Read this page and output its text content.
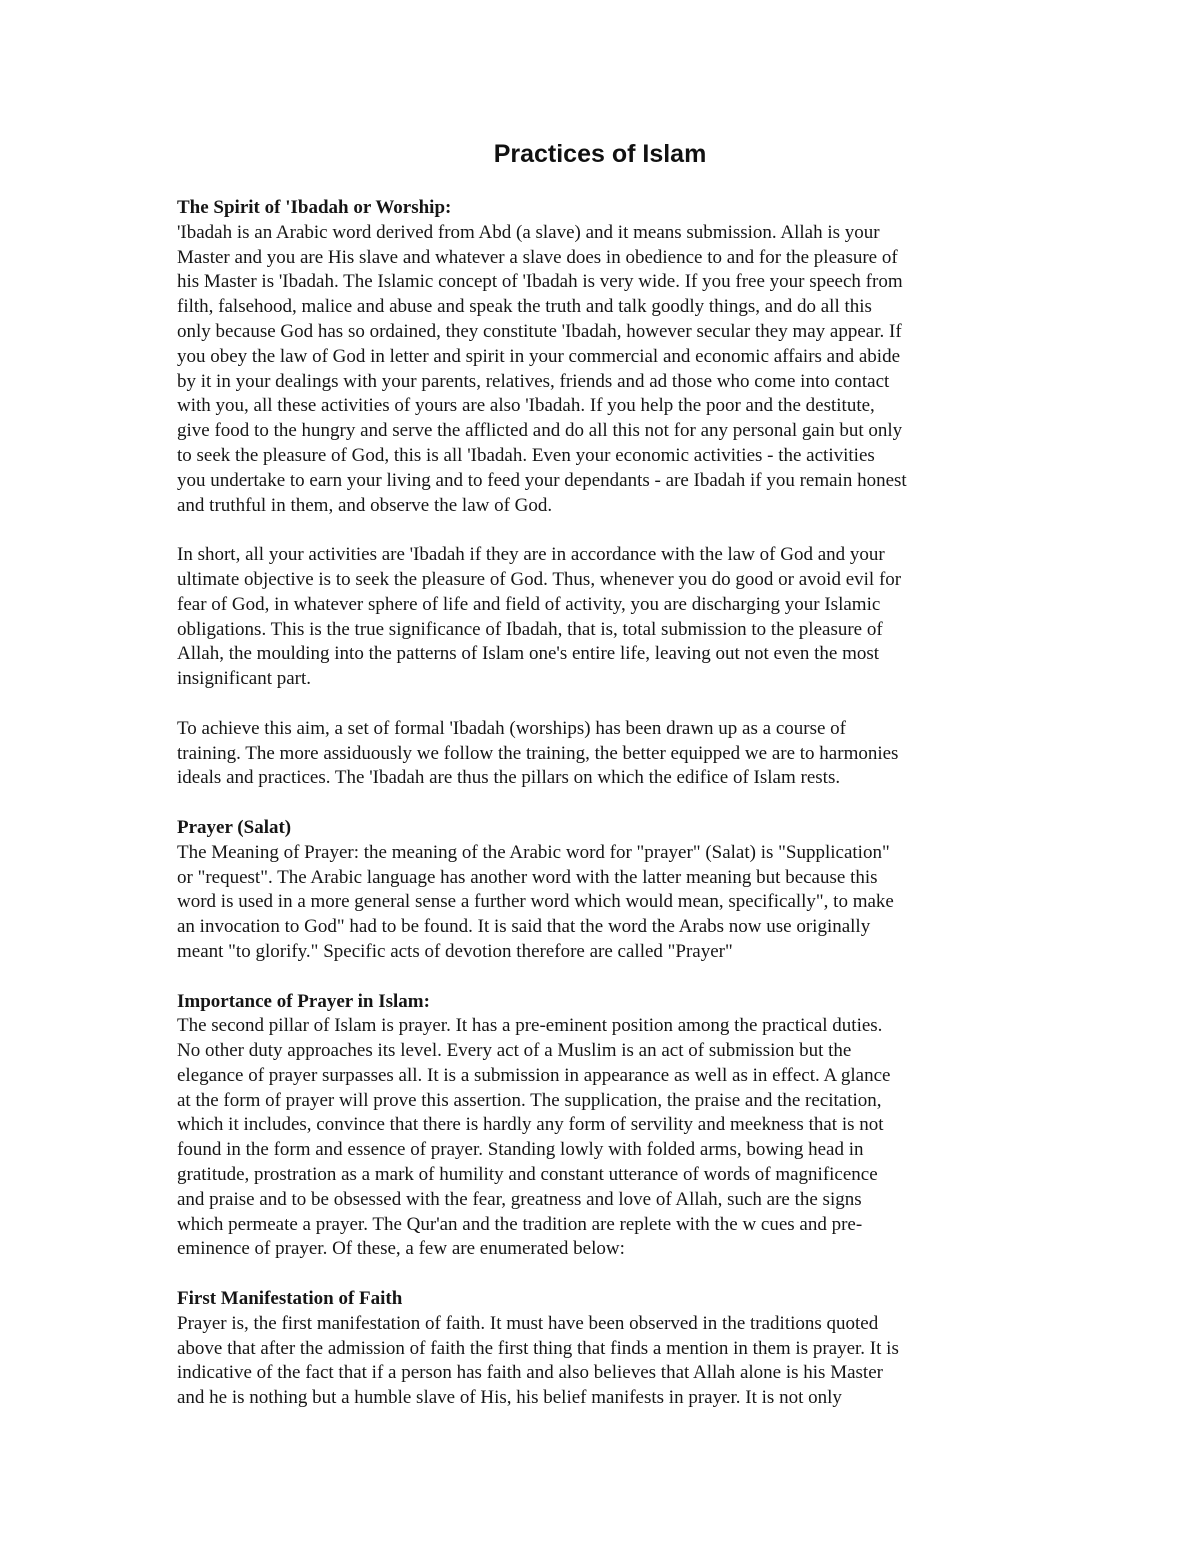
Practices of Islam

The Spirit of 'Ibadah or Worship:
'Ibadah is an Arabic word derived from Abd (a slave) and it means submission. Allah is your
Master and you are His slave and whatever a slave does in obedience to and for the pleasure of
his Master is 'Ibadah. The Islamic concept of 'Ibadah is very wide. If you free your speech from
filth, falsehood, malice and abuse and speak the truth and talk goodly things, and do all this
only because God has so ordained, they constitute 'Ibadah, however secular they may appear. If
you obey the law of God in letter and spirit in your commercial and economic affairs and abide
by it in your dealings with your parents, relatives, friends and ad those who come into contact
with you, all these activities of yours are also 'Ibadah. If you help the poor and the destitute,
give food to the hungry and serve the afflicted and do all this not for any personal gain but only
to seek the pleasure of God, this is all 'Ibadah. Even your economic activities - the activities
you undertake to earn your living and to feed your dependants - are Ibadah if you remain honest
and truthful in them, and observe the law of God.

In short, all your activities are 'Ibadah if they are in accordance with the law of God and your
ultimate objective is to seek the pleasure of God. Thus, whenever you do good or avoid evil for
fear of God, in whatever sphere of life and field of activity, you are discharging your Islamic
obligations. This is the true significance of Ibadah, that is, total submission to the pleasure of
Allah, the moulding into the patterns of Islam one's entire life, leaving out not even the most
insignificant part.

To achieve this aim, a set of formal 'Ibadah (worships) has been drawn up as a course of
training. The more assiduously we follow the training, the better equipped we are to harmonies
ideals and practices. The 'Ibadah are thus the pillars on which the edifice of Islam rests.

Prayer (Salat)
The Meaning of Prayer: the meaning of the Arabic word for "prayer" (Salat) is "Supplication"
or "request". The Arabic language has another word with the latter meaning but because this
word is used in a more general sense a further word which would mean, specifically", to make
an invocation to God" had to be found. It is said that the word the Arabs now use originally
meant "to glorify." Specific acts of devotion therefore are called "Prayer"

Importance of Prayer in Islam:
The second pillar of Islam is prayer. It has a pre-eminent position among the practical duties.
No other duty approaches its level. Every act of a Muslim is an act of submission but the
elegance of prayer surpasses all. It is a submission in appearance as well as in effect. A glance
at the form of prayer will prove this assertion. The supplication, the praise and the recitation,
which it includes, convince that there is hardly any form of servility and meekness that is not
found in the form and essence of prayer. Standing lowly with folded arms, bowing head in
gratitude, prostration as a mark of humility and constant utterance of words of magnificence
and praise and to be obsessed with the fear, greatness and love of Allah, such are the signs
which permeate a prayer. The Qur'an and the tradition are replete with the w cues and pre-
eminence of prayer. Of these, a few are enumerated below:

First Manifestation of Faith
Prayer is, the first manifestation of faith. It must have been observed in the traditions quoted
above that after the admission of faith the first thing that finds a mention in them is prayer. It is
indicative of the fact that if a person has faith and also believes that Allah alone is his Master
and he is nothing but a humble slave of His, his belief manifests in prayer. It is not only
